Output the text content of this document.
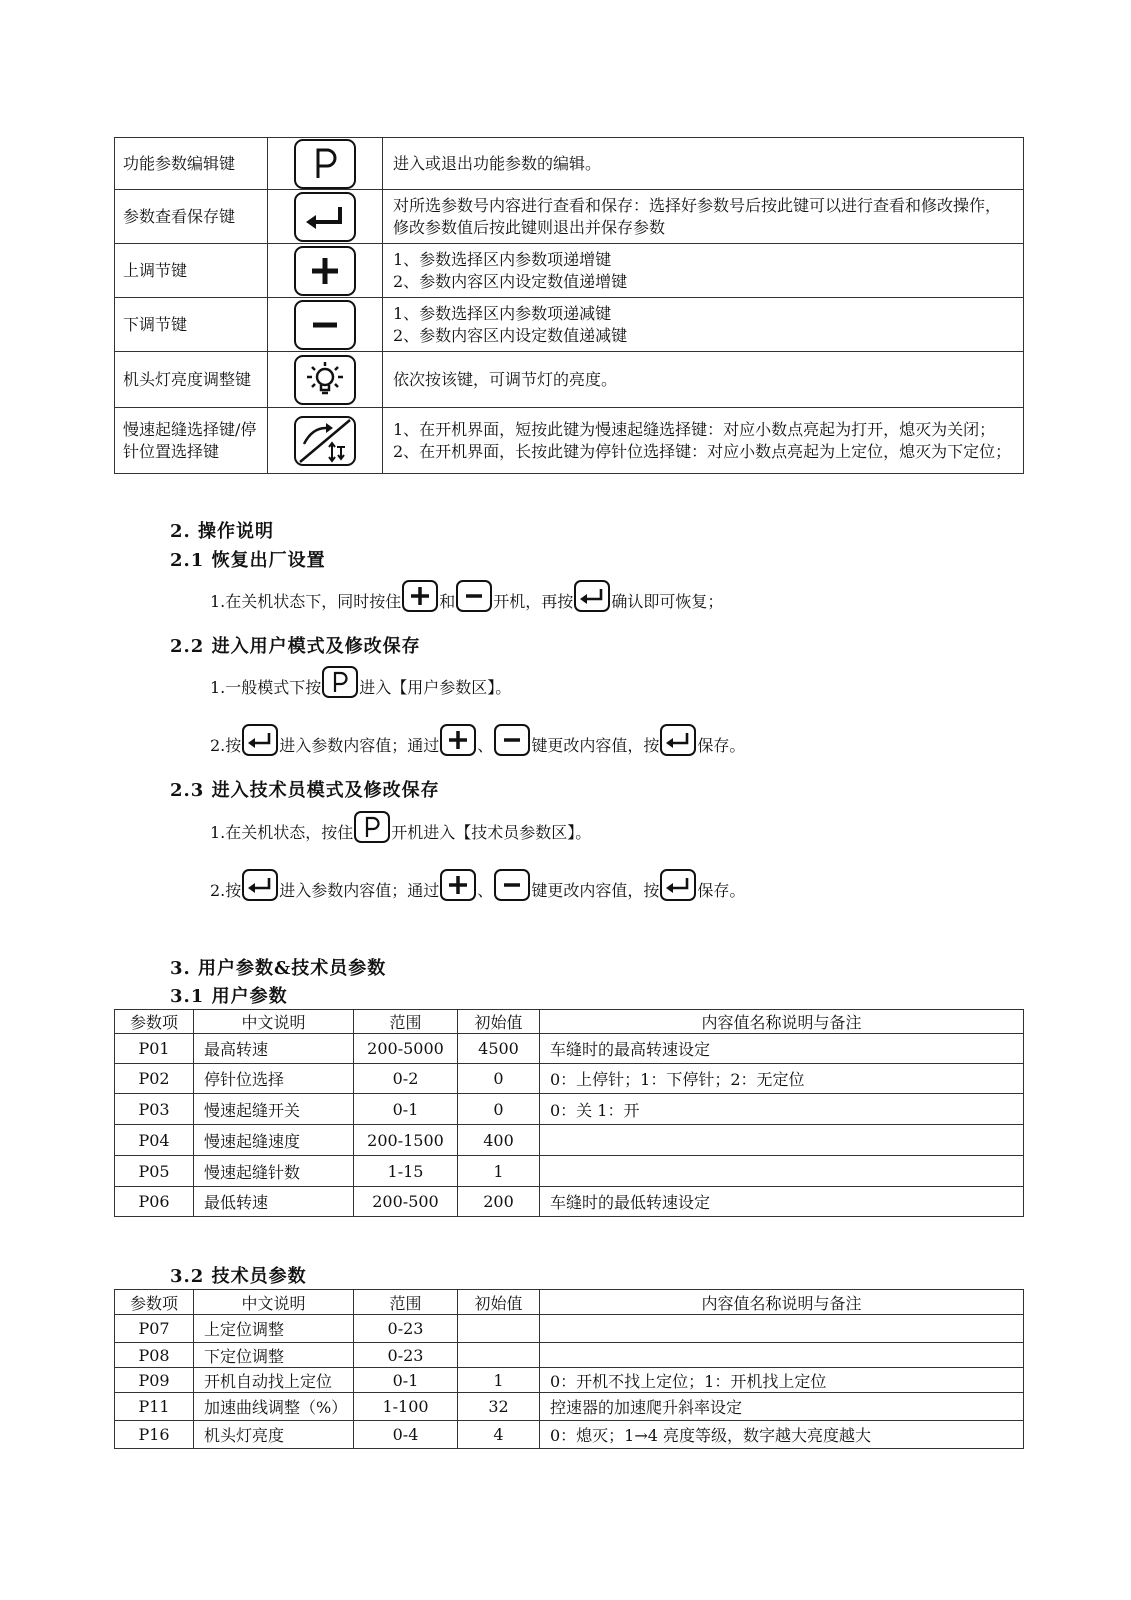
功能参数编辑键		进入或退出功能参数的编辑。

参数查看保存键		对所选参数号内容进行查看和保存：选择好参数号后按此键可以进行查看和修改操作，修改参数值后按此键则退出并保存参数

上调节键		1、参数选择区内参数项递增键
2、参数内容区内设定数值递增键

下调节键		1、参数选择区内参数项递减键
2、参数内容区内设定数值递减键

机头灯亮度调整键		依次按该键，可调节灯的亮度。

慢速起缝选择键/停针位置选择键		1、在开机界面，短按此键为慢速起缝选择键：对应小数点亮起为打开，熄灭为关闭；
2、在开机界面，长按此键为停针位选择键：对应小数点亮起为上定位，熄灭为下定位；
2. 操作说明
2.1 恢复出厂设置
1.在关机状态下，同时按住 和 开机，再按 确认即可恢复；
2.2 进入用户模式及修改保存
1.一般模式下按 进入【用户参数区】。
2.按 进入参数内容值；通过 、 键更改内容值，按 保存。
2.3 进入技术员模式及修改保存
1.在关机状态，按住 开机进入【技术员参数区】。
2.按 进入参数内容值；通过 、 键更改内容值，按 保存。
3. 用户参数&技术员参数
3.1 用户参数
参数项	中文说明	范围	初始值	内容值名称说明与备注
P01	最高转速	200-5000	4500	车缝时的最高转速设定
P02	停针位选择	0-2	0	0：上停针；1：下停针；2：无定位
P03	慢速起缝开关	0-1	0	0：关 1：开
P04	慢速起缝速度	200-1500	400	
P05	慢速起缝针数	1-15	1	
P06	最低转速	200-500	200	车缝时的最低转速设定
3.2 技术员参数
参数项	中文说明	范围	初始值	内容值名称说明与备注
P07	上定位调整	0-23		
P08	下定位调整	0-23		
P09	开机自动找上定位	0-1	1	0：开机不找上定位；1：开机找上定位
P11	加速曲线调整（%）	1-100	32	控速器的加速爬升斜率设定
P16	机头灯亮度	0-4	4	0：熄灭；1→4 亮度等级，数字越大亮度越大
